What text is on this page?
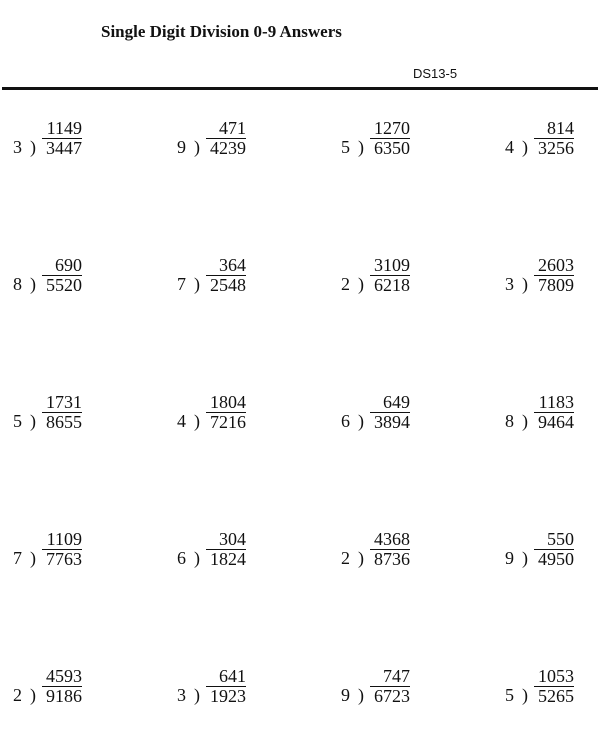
Single Digit Division 0-9 Answers
DS13-5
1149
3447
)
3
471
4239
)
9
1270
6350
)
5
814
3256
)
4
690
5520
)
8
364
2548
)
7
3109
6218
)
2
2603
7809
)
3
1731
8655
)
5
1804
7216
)
4
649
3894
)
6
1183
9464
)
8
1109
7763
)
7
304
1824
)
6
4368
8736
)
2
550
4950
)
9
4593
9186
)
2
641
1923
)
3
747
6723
)
9
1053
5265
)
5
